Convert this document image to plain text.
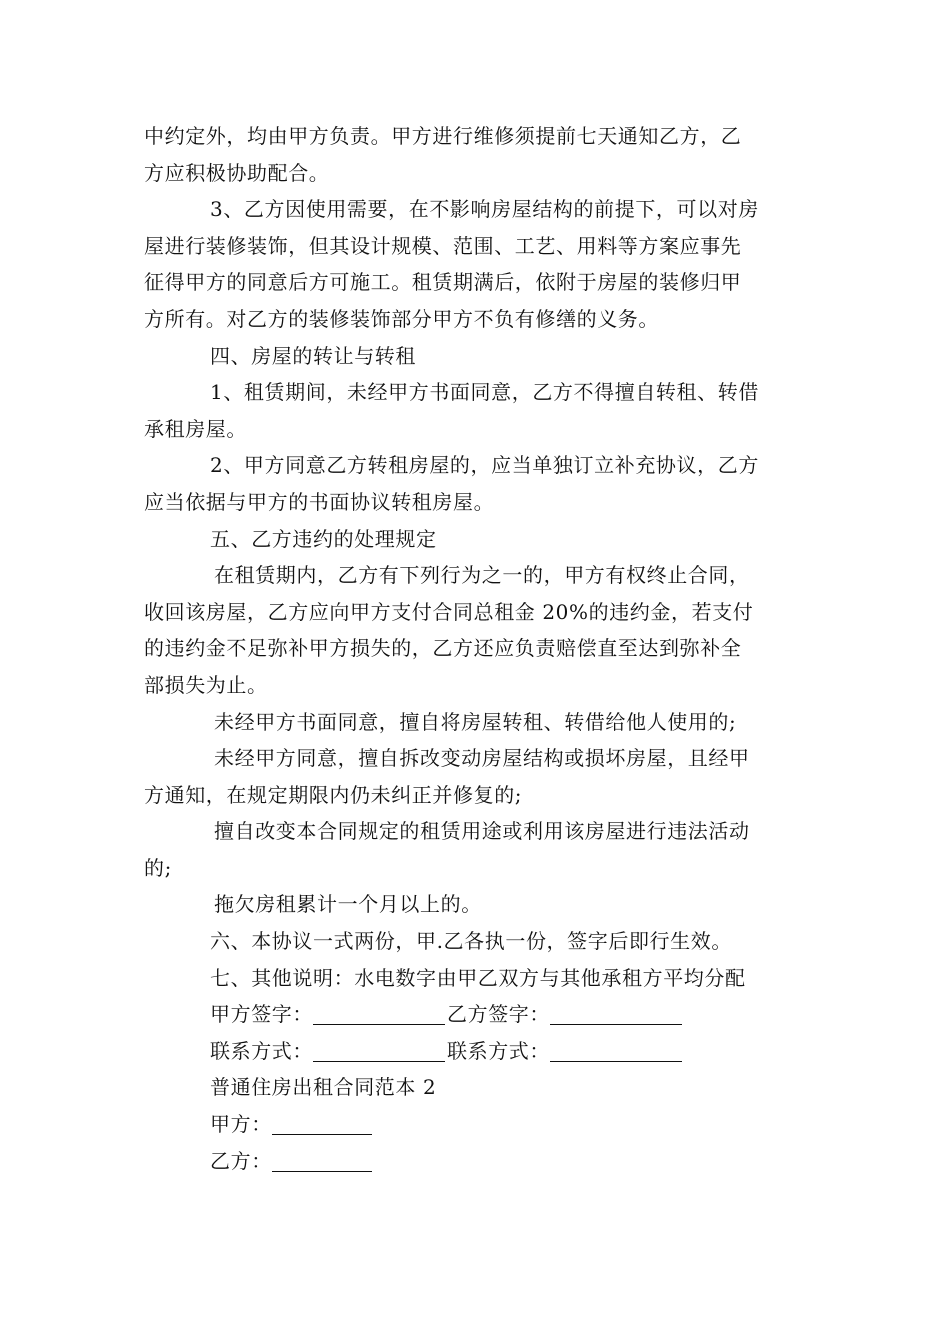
中约定外，均由甲方负责。甲方进行维修须提前七天通知乙方，乙
方应积极协助配合。
3、乙方因使用需要，在不影响房屋结构的前提下，可以对房
屋进行装修装饰，但其设计规模、范围、工艺、用料等方案应事先
征得甲方的同意后方可施工。租赁期满后，依附于房屋的装修归甲
方所有。对乙方的装修装饰部分甲方不负有修缮的义务。
四、房屋的转让与转租
1、租赁期间，未经甲方书面同意，乙方不得擅自转租、转借
承租房屋。
2、甲方同意乙方转租房屋的，应当单独订立补充协议，乙方
应当依据与甲方的书面协议转租房屋。
五、乙方违约的处理规定
在租赁期内，乙方有下列行为之一的，甲方有权终止合同，
收回该房屋，乙方应向甲方支付合同总租金 20%的违约金，若支付
的违约金不足弥补甲方损失的，乙方还应负责赔偿直至达到弥补全
部损失为止。
未经甲方书面同意，擅自将房屋转租、转借给他人使用的;
未经甲方同意，擅自拆改变动房屋结构或损坏房屋，且经甲
方通知，在规定期限内仍未纠正并修复的;
擅自改变本合同规定的租赁用途或利用该房屋进行违法活动
的;
拖欠房租累计一个月以上的。
六、本协议一式两份，甲.乙各执一份，签字后即行生效。
七、其他说明：水电数字由甲乙双方与其他承租方平均分配
甲方签字：	乙方签字：
联系方式：	联系方式：
普通住房出租合同范本 2
甲方：
乙方：
